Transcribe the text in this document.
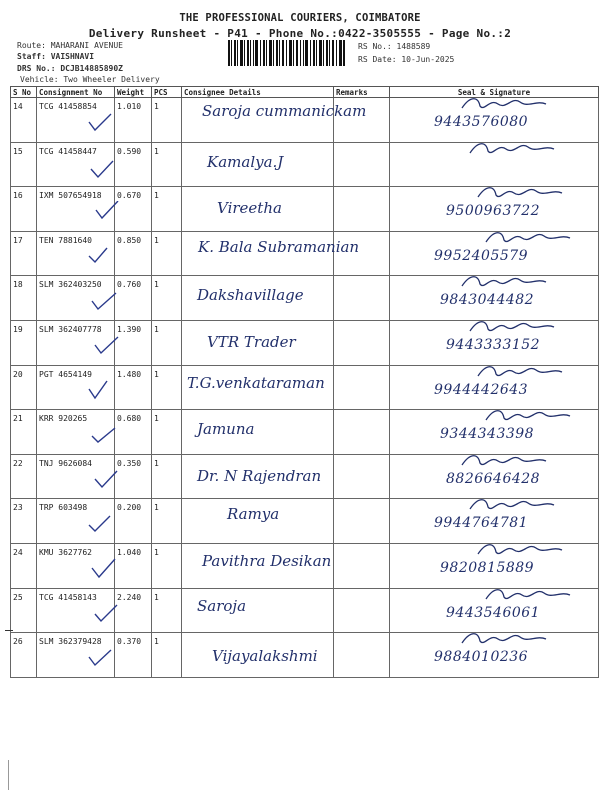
THE PROFESSIONAL COURIERS, COIMBATORE
Delivery Runsheet - P41 - Phone No.:0422-3505555 - Page No.:2
Route: MAHARANI AVENUE
Staff: VAISHNAVI
DRS No.: DCJB14885890Z
Vehicle: Two Wheeler Delivery
RS No.: 1488589
RS Date: 10-Jun-2025
S No	Consignment No	Weight	PCS	Consignee Details	Remarks	Seal & Signature
14	TCG 41458854	1.010	1	Saroja cummanickam		9443576080

15	TCG 41458447	0.590	1	Kamalya.J

16	IXM 507654918	0.670	1	Vireetha		9500963722

17	TEN 7881640	0.850	1	K. Bala Subramanian		9952405579

18	SLM 362403250	0.760	1	Dakshavillage		9843044482

19	SLM 362407778	1.390	1	VTR Trader		9443333152

20	PGT 4654149	1.480	1	T.G.venkataraman		9944442643

21	KRR 920265	0.680	1	Jamuna		9344343398

22	TNJ 9626084	0.350	1	Dr. N Rajendran		8826646428

23	TRP 603498	0.200	1	Ramya		9944764781

24	KMU 3627762	1.040	1	Pavithra Desikan		9820815889

25	TCG 41458143	2.240	1	Saroja		9443546061

26	SLM 362379428	0.370	1	Vijayalakshmi		9884010236
